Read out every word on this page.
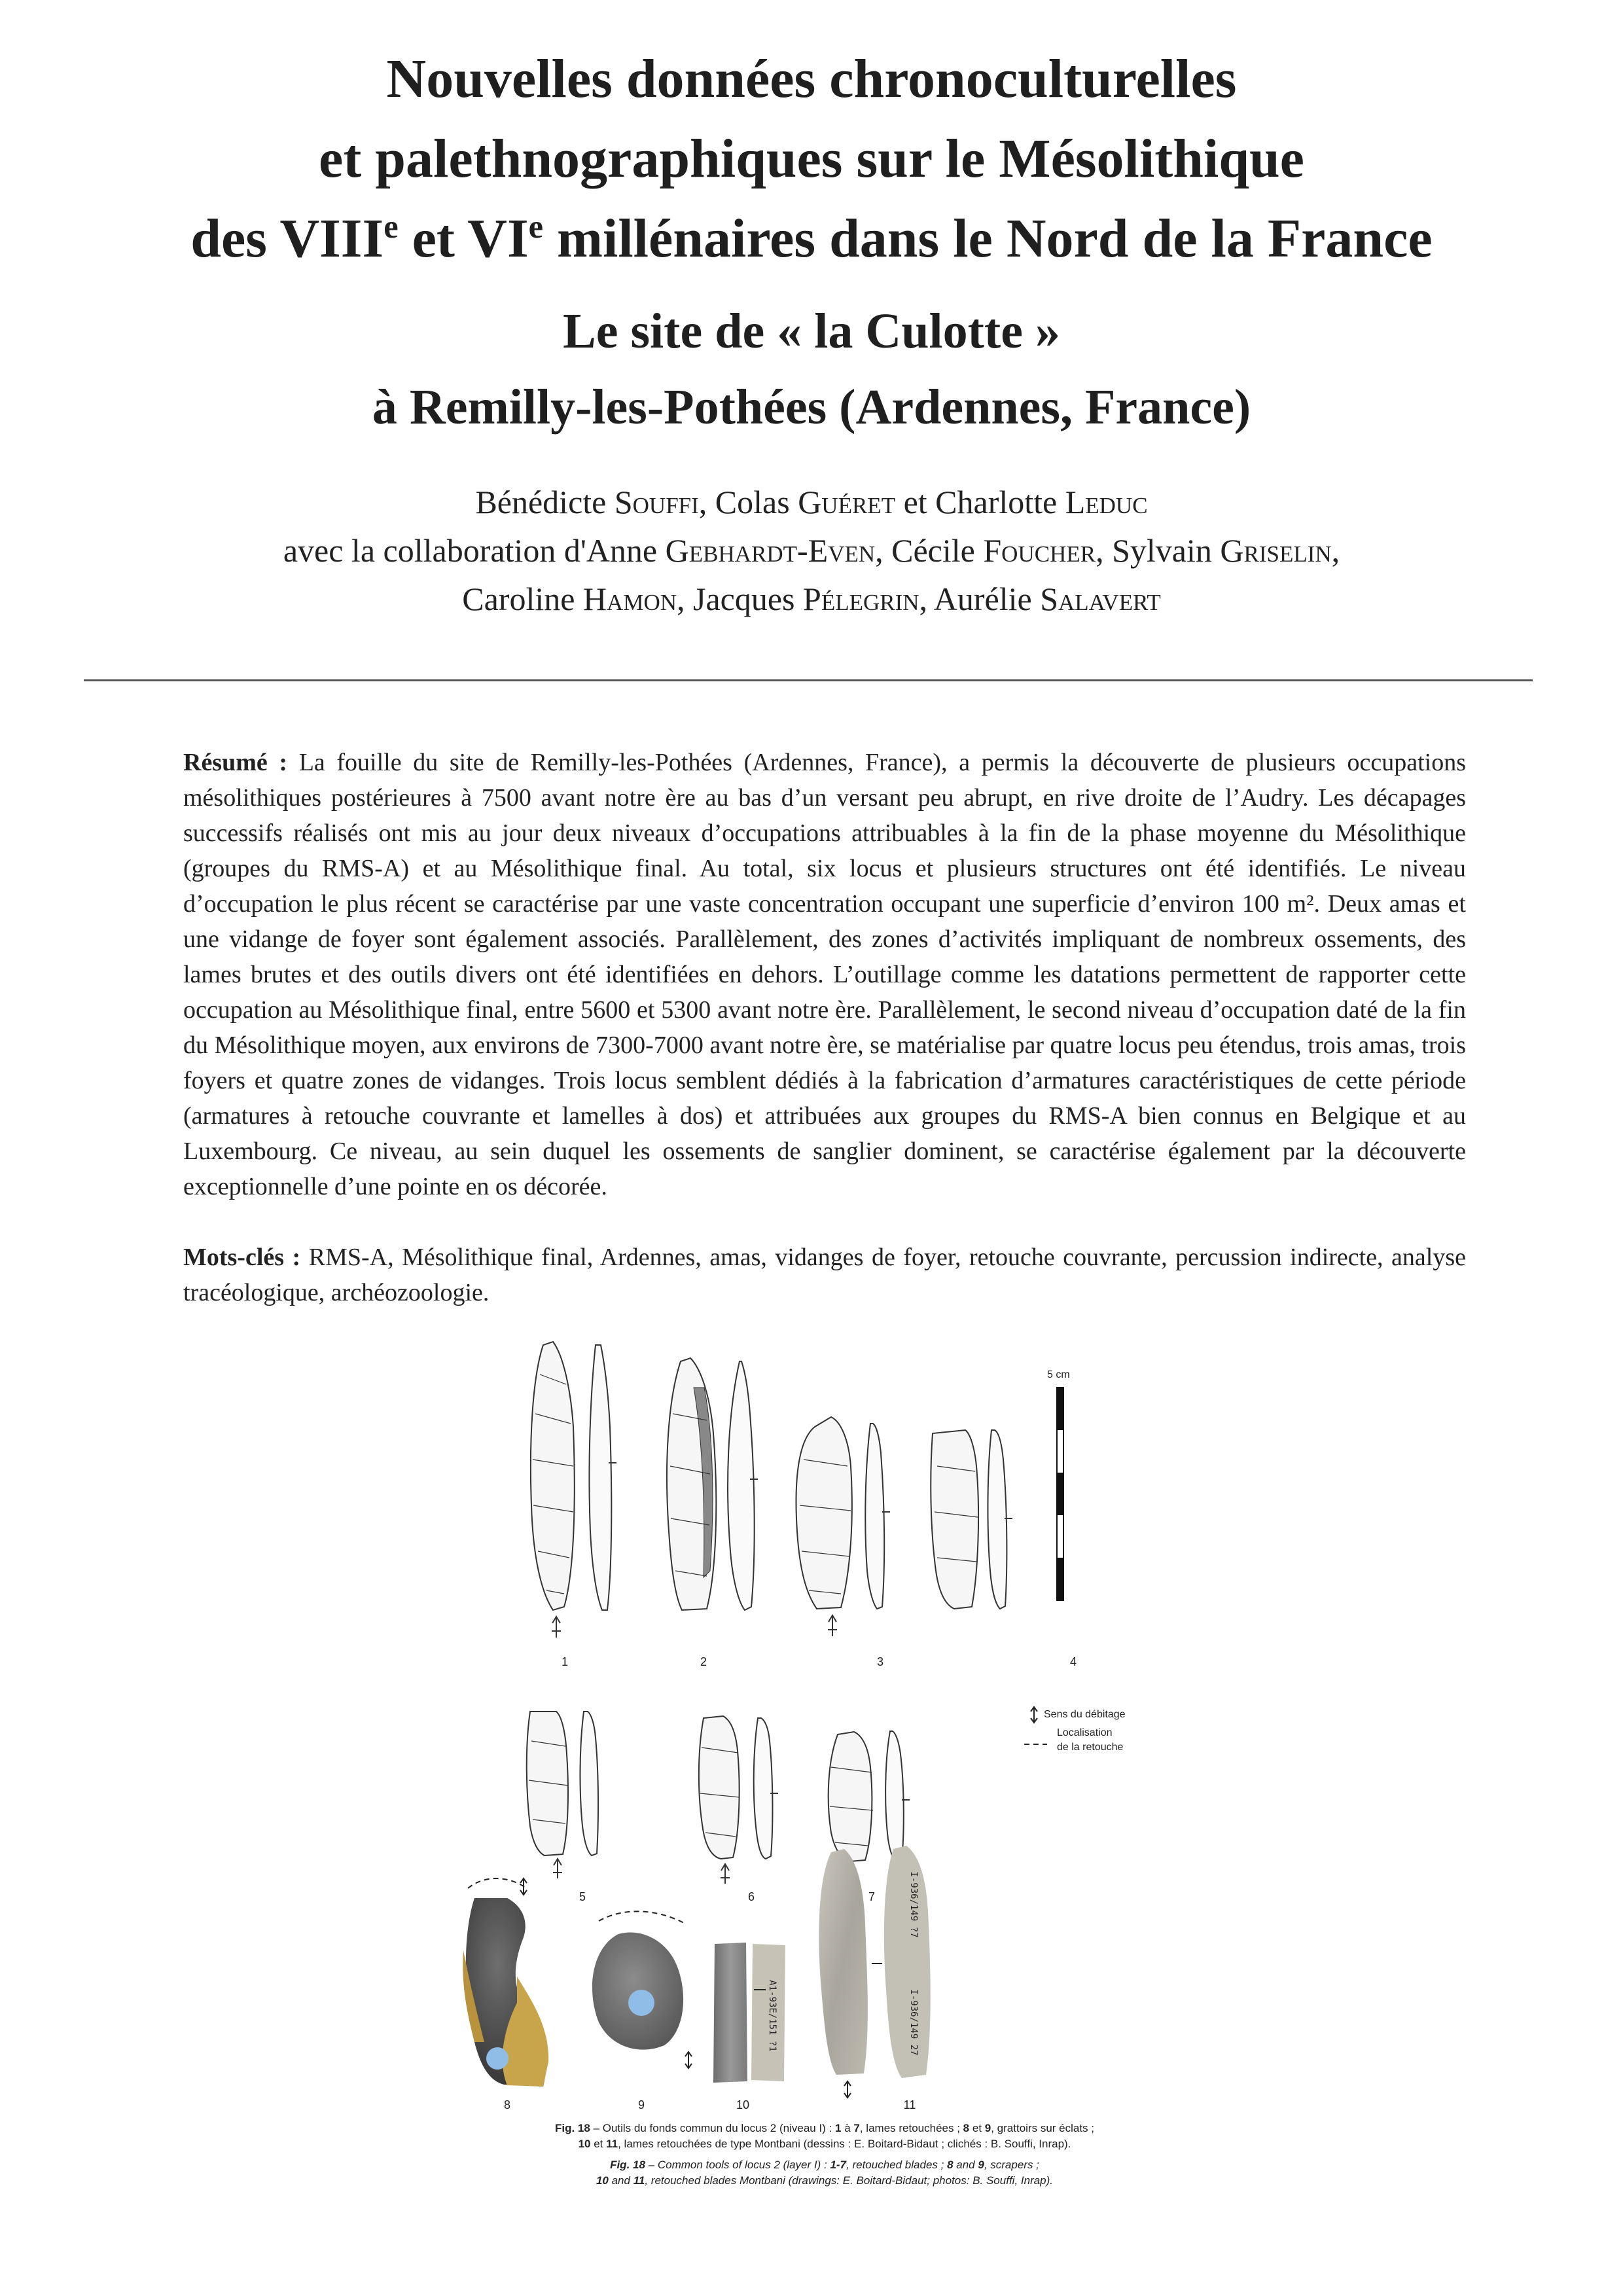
Nouvelles données chronoculturelles
et palethnographiques sur le Mésolithique
des VIIIe et VIe millénaires dans le Nord de la France
Le site de « la Culotte »
à Remilly-les-Pothées (Ardennes, France)
Bénédicte Souffi, Colas Guéret et Charlotte Leduc
avec la collaboration d'Anne Gebhardt-Even, Cécile Foucher, Sylvain Griselin,
Caroline Hamon, Jacques Pélegrin, Aurélie Salavert

Résumé : La fouille du site de Remilly-les-Pothées (Ardennes, France), a permis la découverte de plusieurs occupations mésolithiques postérieures à 7500 avant notre ère au bas d’un versant peu abrupt, en rive droite de l’Audry. Les décapages successifs réalisés ont mis au jour deux niveaux d’occupations attribuables à la fin de la phase moyenne du Mésolithique (groupes du RMS-A) et au Mésolithique final. Au total, six locus et plusieurs structures ont été identifiés. Le niveau d’occupation le plus récent se caractérise par une vaste concentration occupant une superficie d’environ 100 m². Deux amas et une vidange de foyer sont également associés. Parallèlement, des zones d’activités impliquant de nombreux ossements, des lames brutes et des outils divers ont été identifiées en dehors. L’outillage comme les datations permettent de rapporter cette occupation au Mésolithique final, entre 5600 et 5300 avant notre ère. Parallèlement, le second niveau d’occupation daté de la fin du Mésolithique moyen, aux environs de 7300-7000 avant notre ère, se matérialise par quatre locus peu étendus, trois amas, trois foyers et quatre zones de vidanges. Trois locus semblent dédiés à la fabrication d’armatures caractéristiques de cette période (armatures à retouche couvrante et lamelles à dos) et attribuées aux groupes du RMS-A bien connus en Belgique et au Luxembourg. Ce niveau, au sein duquel les ossements de sanglier dominent, se caractérise également par la découverte exceptionnelle d’une pointe en os décorée.

Mots-clés : RMS-A, Mésolithique final, Ardennes, amas, vidanges de foyer, retouche couvrante, percussion indirecte, analyse tracéologique, archéozoologie.

5 cm
1	2	3	4
5	6	7
Sens du débitage
Localisation
de la retouche
8	9
Α1-93Ε/151 ?1
10
I-936/149 ?7
I-936/149 27
11

Fig. 18 – Outils du fonds commun du locus 2 (niveau I) : 1 à 7, lames retouchées ; 8 et 9, grattoirs sur éclats ;
10 et 11, lames retouchées de type Montbani (dessins : E. Boitard-Bidaut ; clichés : B. Souffi, Inrap).

Fig. 18 – Common tools of locus 2 (layer I) : 1-7, retouched blades ; 8 and 9, scrapers ;
10 and 11, retouched blades Montbani (drawings: E. Boitard-Bidaut; photos: B. Souffi, Inrap).
